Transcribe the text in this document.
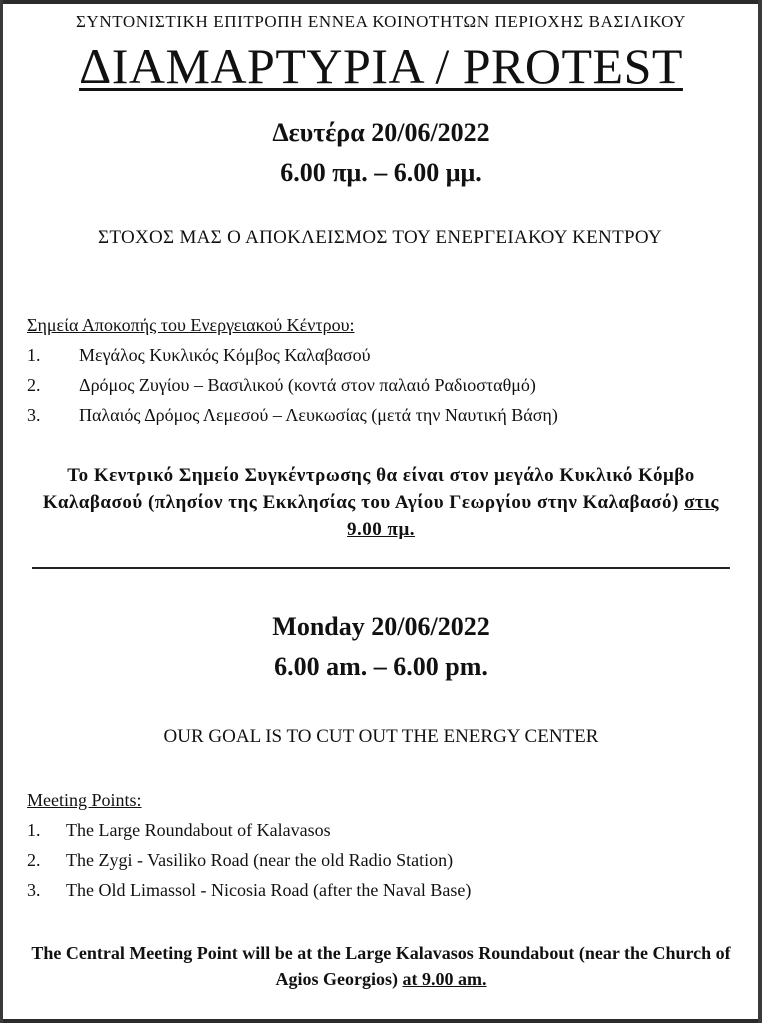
ΣΥΝΤΟΝΙΣΤΙΚΗ ΕΠΙΤΡΟΠΗ ΕΝΝΕΑ ΚΟΙΝΟΤΗΤΩΝ ΠΕΡΙΟΧΗΣ ΒΑΣΙΛΙΚΟΥ
ΔΙΑΜΑΡΤΥΡΙΑ / PROTEST
Δευτέρα 20/06/2022
6.00 πμ. – 6.00 μμ.
ΣΤΟΧΟΣ ΜΑΣ Ο ΑΠΟΚΛΕΙΣΜΟΣ ΤΟΥ ΕΝΕΡΓΕΙΑΚΟΥ ΚΕΝΤΡΟΥ
Σημεία Αποκοπής του Ενεργειακού Κέντρου:
1. Μεγάλος Κυκλικός Κόμβος Καλαβασού
2. Δρόμος Ζυγίου – Βασιλικού (κοντά στον παλαιό Ραδιοσταθμό)
3. Παλαιός Δρόμος Λεμεσού – Λευκωσίας (μετά την Ναυτική Βάση)
Το Κεντρικό Σημείο Συγκέντρωσης θα είναι στον μεγάλο Κυκλικό Κόμβο Καλαβασού (πλησίον της Εκκλησίας του Αγίου Γεωργίου στην Καλαβασό) στις 9.00 πμ.
Monday 20/06/2022
6.00 am. – 6.00 pm.
OUR GOAL IS TO CUT OUT THE ENERGY CENTER
Meeting Points:
1. The Large Roundabout of Kalavasos
2. The Zygi - Vasiliko Road (near the old Radio Station)
3. The Old Limassol - Nicosia Road (after the Naval Base)
The Central Meeting Point will be at the Large Kalavasos Roundabout (near the Church of Agios Georgios) at 9.00 am.
